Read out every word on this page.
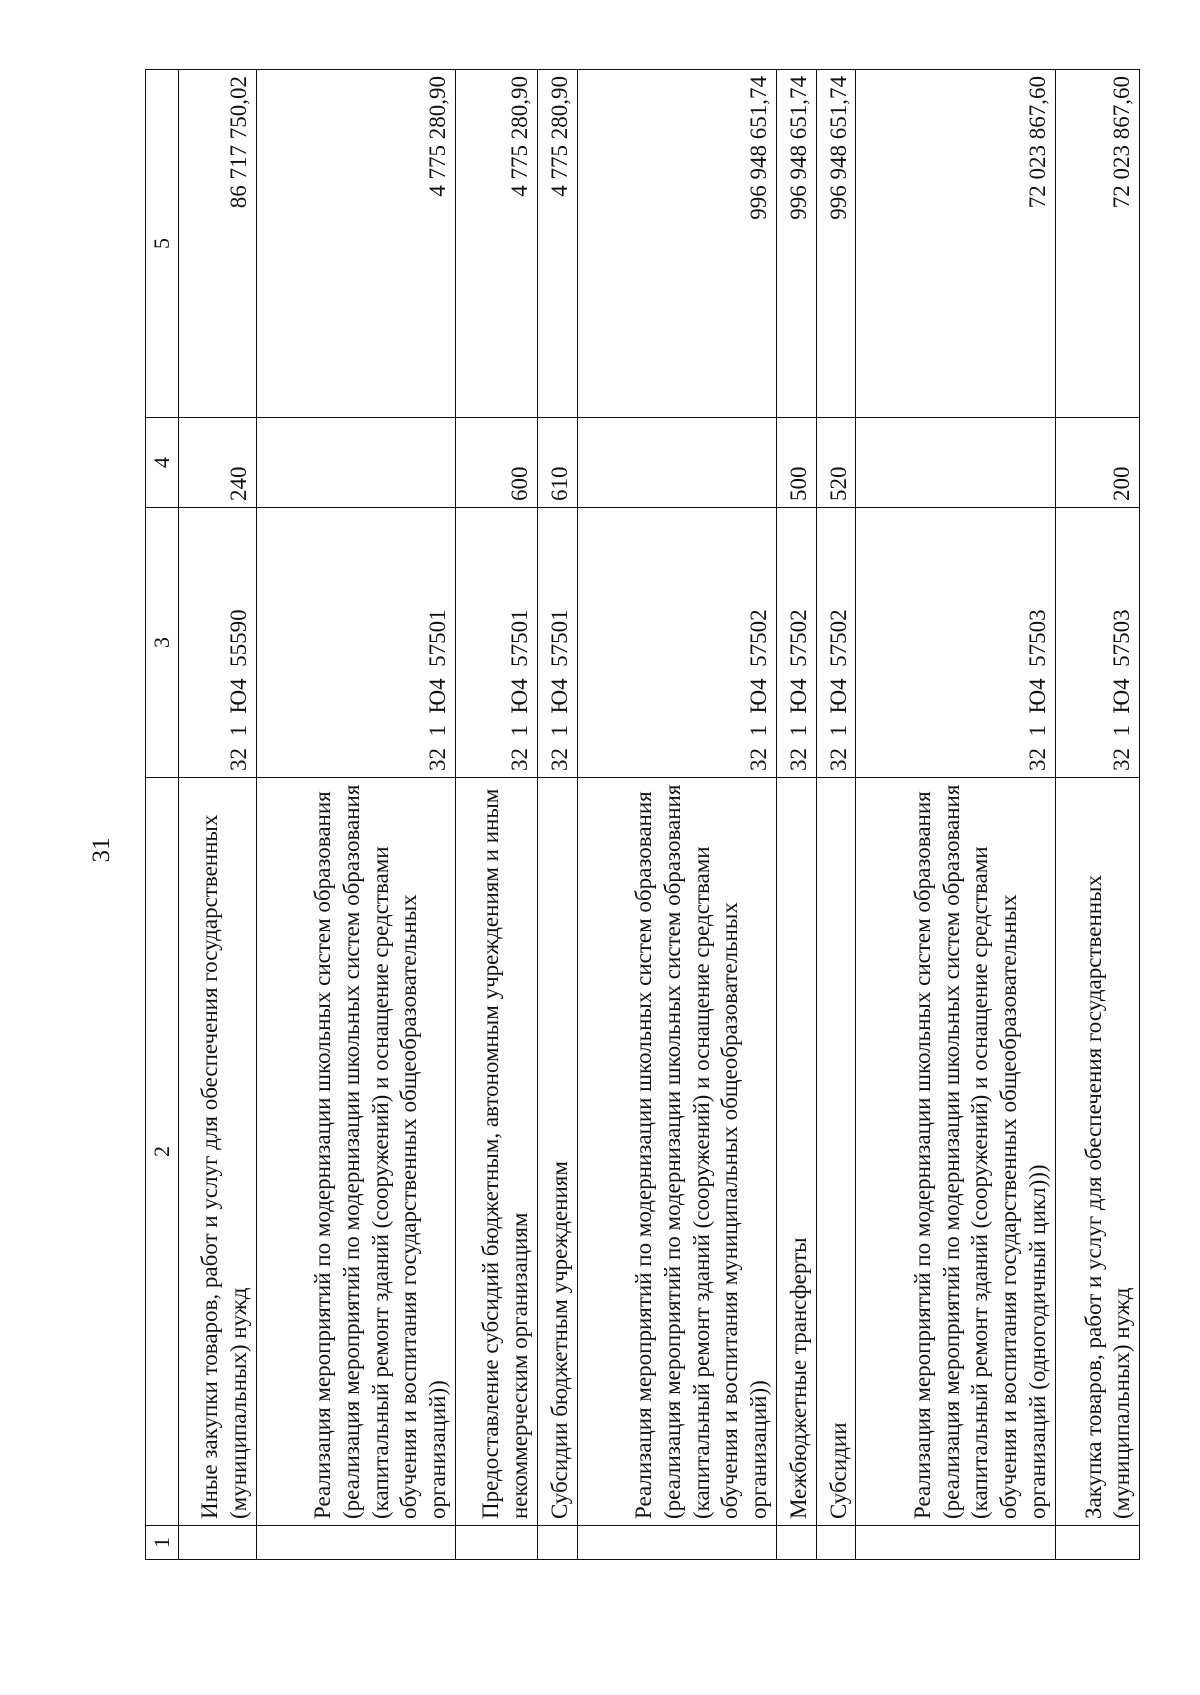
31
1	2	3	4	5
	Иные закупки товаров, работ и услуг для обеспечения государственных (муниципальных) нужд	32  1  Ю4  55590	240	86 717 750,02
	Реализация мероприятий по модернизации школьных систем образования (реализация мероприятий по модернизации школьных систем образования (капитальный ремонт зданий (сооружений) и оснащение средствами обучения и воспитания государственных общеобразовательных организаций))	32  1  Ю4  57501		4 775 280,90
	Предоставление субсидий бюджетным, автономным учреждениям и иным некоммерческим организациям	32  1  Ю4  57501	600	4 775 280,90
	Субсидии бюджетным учреждениям	32  1  Ю4  57501	610	4 775 280,90
	Реализация мероприятий по модернизации школьных систем образования (реализация мероприятий по модернизации школьных систем образования (капитальный ремонт зданий (сооружений) и оснащение средствами обучения и воспитания муниципальных общеобразовательных организаций))	32  1  Ю4  57502		996 948 651,74
	Межбюджетные трансферты	32  1  Ю4  57502	500	996 948 651,74
	Субсидии	32  1  Ю4  57502	520	996 948 651,74
	Реализация мероприятий по модернизации школьных систем образования (реализация мероприятий по модернизации школьных систем образования (капитальный ремонт зданий (сооружений) и оснащение средствами обучения и воспитания государственных общеобразовательных организаций (одногодичный цикл)))	32  1  Ю4  57503		72 023 867,60
	Закупка товаров, работ и услуг для обеспечения государственных (муниципальных) нужд	32  1  Ю4  57503	200	72 023 867,60
